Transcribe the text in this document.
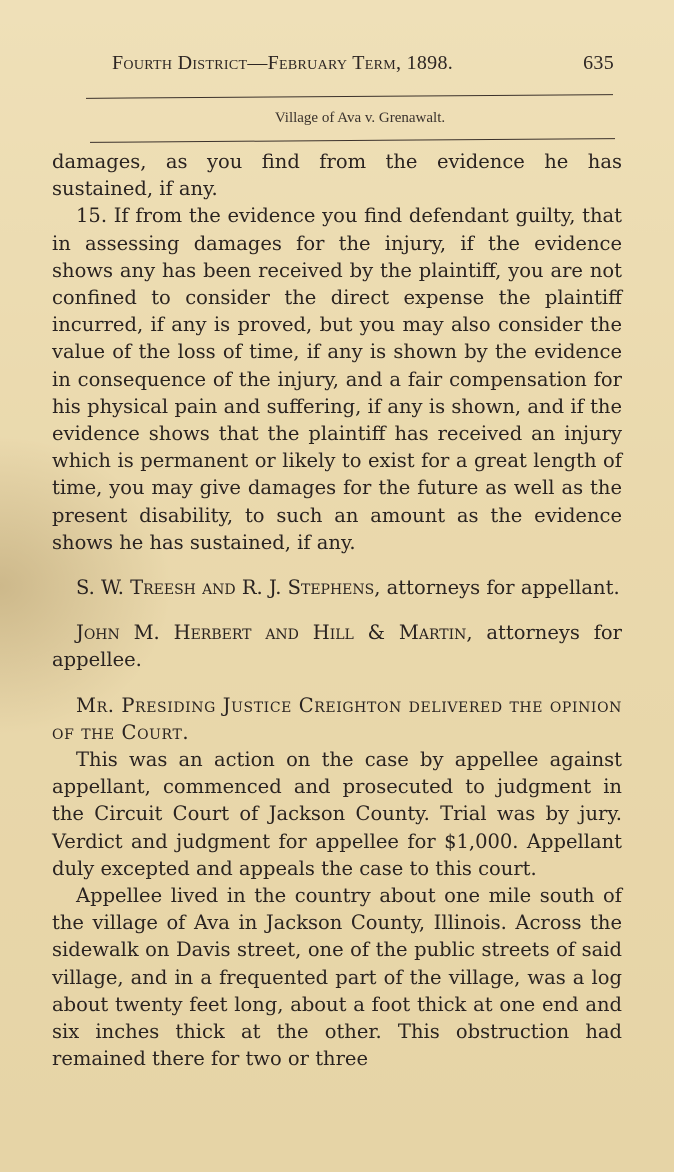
Fourth District—February Term, 1898.	635
Village of Ava v. Grenawalt.

damages, as you find from the evidence he has sustained, if any.

15. If from the evidence you find defendant guilty, that in assessing damages for the injury, if the evidence shows any has been received by the plaintiff, you are not confined to consider the direct expense the plaintiff incurred, if any is proved, but you may also consider the value of the loss of time, if any is shown by the evidence in consequence of the injury, and a fair compensation for his physical pain and suffering, if any is shown, and if the evidence shows that the plaintiff has received an injury which is permanent or likely to exist for a great length of time, you may give damages for the future as well as the present disability, to such an amount as the evidence shows he has sustained, if any.

S. W. Treesh and R. J. Stephens, attorneys for appellant.

John M. Herbert and Hill & Martin, attorneys for appellee.

Mr. Presiding Justice Creighton delivered the opinion of the Court.

This was an action on the case by appellee against appellant, commenced and prosecuted to judgment in the Circuit Court of Jackson County. Trial was by jury. Verdict and judgment for appellee for $1,000. Appellant duly excepted and appeals the case to this court.

Appellee lived in the country about one mile south of the village of Ava in Jackson County, Illinois. Across the sidewalk on Davis street, one of the public streets of said village, and in a frequented part of the village, was a log about twenty feet long, about a foot thick at one end and six inches thick at the other. This obstruction had remained there for two or three
